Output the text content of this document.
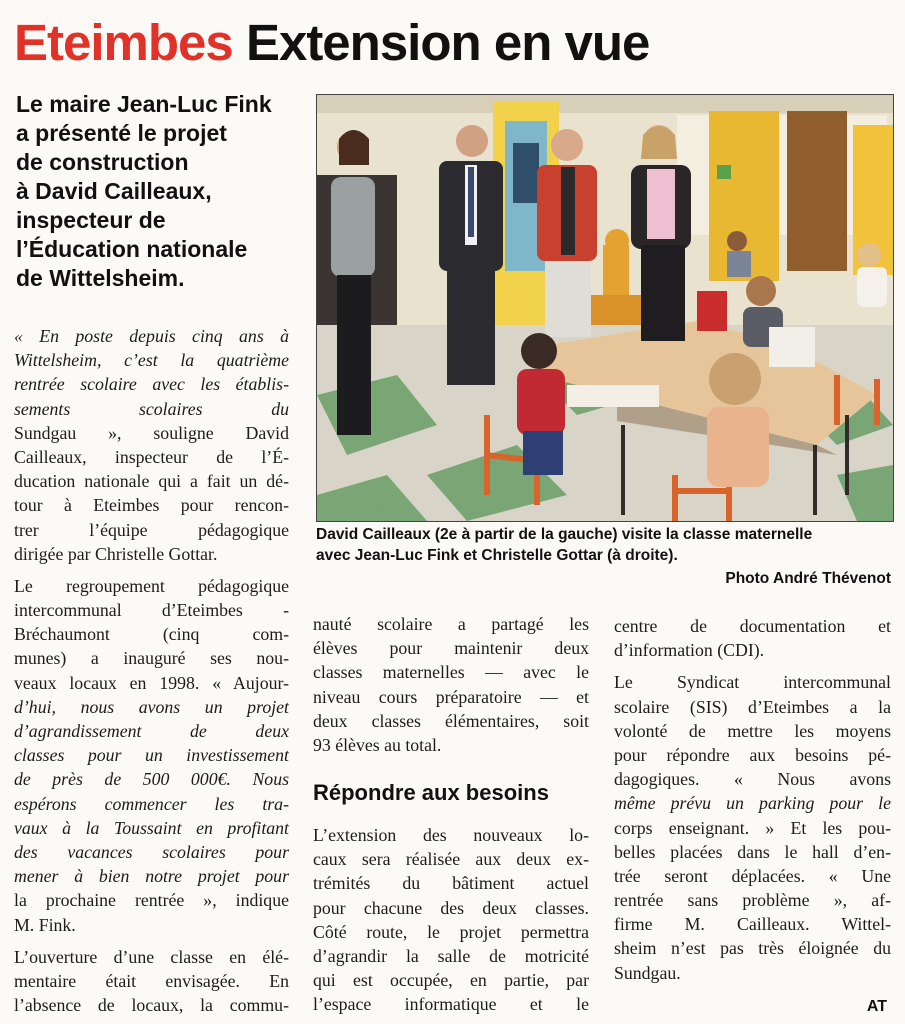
Eteimbes Extension en vue

Le maire Jean-Luc Fink

a présenté le projet

de construction

à David Cailleaux,

inspecteur de

l’Éducation nationale

de Wittelsheim.

David Cailleaux (2e à partir de la gauche) visite la classe maternelle

avec Jean-Luc Fink et Christelle Gottar (à droite).

Photo André Thévenot

« En poste depuis cinq ans à
Wittelsheim, c’est la quatrième
rentrée scolaire avec les établis-
sements scolaires du
Sundgau », souligne David
Cailleaux, inspecteur de l’É-
ducation nationale qui a fait un dé-
tour à Eteimbes pour rencon-
trer l’équipe pédagogique
dirigée par Christelle Gottar.

Le regroupement pédagogique
intercommunal d’Eteimbes -
Bréchaumont (cinq com-
munes) a inauguré ses nou-
veaux locaux en 1998. « Aujour-
d’hui, nous avons un projet
d’agrandissement de deux
classes pour un investissement
de près de 500 000€. Nous
espérons commencer les tra-
vaux à la Toussaint en profitant
des vacances scolaires pour
mener à bien notre projet pour
la prochaine rentrée », indique
M. Fink.

L’ouverture d’une classe en élé-
mentaire était envisagée. En
l’absence de locaux, la commu-

nauté scolaire a partagé les
élèves pour maintenir deux
classes maternelles — avec le
niveau cours préparatoire — et
deux classes élémentaires, soit
93 élèves au total.

Répondre aux besoins

L’extension des nouveaux lo-
caux sera réalisée aux deux ex-
trémités du bâtiment actuel
pour chacune des deux classes.
Côté route, le projet permettra
d’agrandir la salle de motricité
qui est occupée, en partie, par
l’espace informatique et le

centre de documentation et
d’information (CDI).

Le Syndicat intercommunal
scolaire (SIS) d’Eteimbes a la
volonté de mettre les moyens
pour répondre aux besoins pé-
dagogiques. « Nous avons
même prévu un parking pour le
corps enseignant. » Et les pou-
belles placées dans le hall d’en-
trée seront déplacées. « Une
rentrée sans problème », af-
firme M. Cailleaux. Wittel-
sheim n’est pas très éloignée du
Sundgau.

AT
